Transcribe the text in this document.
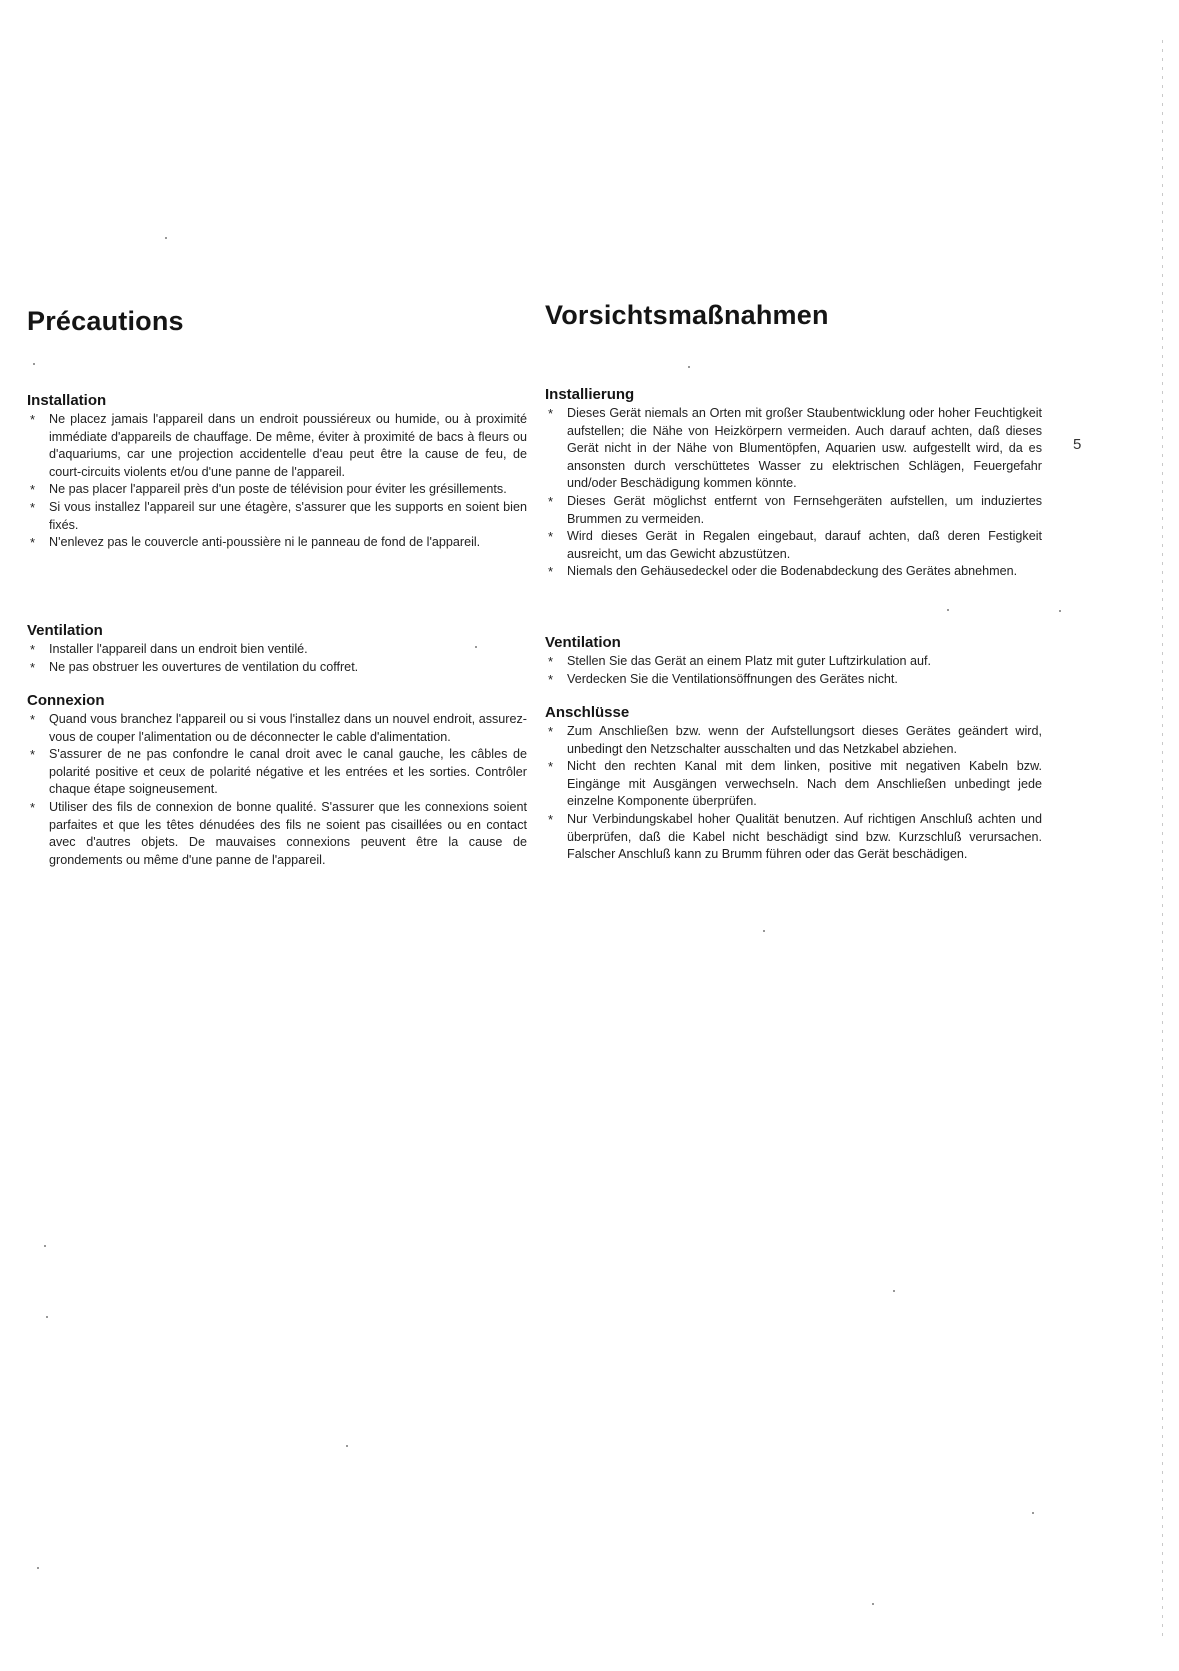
Précautions
Installation
* Ne placez jamais l'appareil dans un endroit poussiéreux ou humide, ou à proximité immédiate d'appareils de chauffage. De même, éviter à proximité de bacs à fleurs ou d'aquariums, car une projection accidentelle d'eau peut être la cause de feu, de court-circuits violents et/ou d'une panne de l'appareil.
* Ne pas placer l'appareil près d'un poste de télévision pour éviter les grésillements.
* Si vous installez l'appareil sur une étagère, s'assurer que les supports en soient bien fixés.
* N'enlevez pas le couvercle anti-poussière ni le panneau de fond de l'appareil.
Ventilation
* Installer l'appareil dans un endroit bien ventilé.
* Ne pas obstruer les ouvertures de ventilation du coffret.
Connexion
* Quand vous branchez l'appareil ou si vous l'installez dans un nouvel endroit, assurez-vous de couper l'alimentation ou de déconnecter le cable d'alimentation.
* S'assurer de ne pas confondre le canal droit avec le canal gauche, les câbles de polarité positive et ceux de polarité négative et les entrées et les sorties. Contrôler chaque étape soigneusement.
* Utiliser des fils de connexion de bonne qualité. S'assurer que les connexions soient parfaites et que les têtes dénudées des fils ne soient pas cisaillées ou en contact avec d'autres objets. De mauvaises connexions peuvent être la cause de grondements ou même d'une panne de l'appareil.
Vorsichtsmaßnahmen
Installierung
* Dieses Gerät niemals an Orten mit großer Staubentwicklung oder hoher Feuchtigkeit aufstellen; die Nähe von Heizkörpern vermeiden. Auch darauf achten, daß dieses Gerät nicht in der Nähe von Blumentöpfen, Aquarien usw. aufgestellt wird, da es ansonsten durch verschüttetes Wasser zu elektrischen Schlägen, Feuergefahr und/oder Beschädigung kommen könnte.
* Dieses Gerät möglichst entfernt von Fernsehgeräten aufstellen, um induziertes Brummen zu vermeiden.
* Wird dieses Gerät in Regalen eingebaut, darauf achten, daß deren Festigkeit ausreicht, um das Gewicht abzustützen.
* Niemals den Gehäusedeckel oder die Bodenabdeckung des Gerätes abnehmen.
Ventilation
* Stellen Sie das Gerät an einem Platz mit guter Luftzirkulation auf.
* Verdecken Sie die Ventilationsöffnungen des Gerätes nicht.
Anschlüsse
* Zum Anschließen bzw. wenn der Aufstellungsort dieses Gerätes geändert wird, unbedingt den Netzschalter ausschalten und das Netzkabel abziehen.
* Nicht den rechten Kanal mit dem linken, positive mit negativen Kabeln bzw. Eingänge mit Ausgängen verwechseln. Nach dem Anschließen unbedingt jede einzelne Komponente überprüfen.
* Nur Verbindungskabel hoher Qualität benutzen. Auf richtigen Anschluß achten und überprüfen, daß die Kabel nicht beschädigt sind bzw. Kurzschluß verursachen. Falscher Anschluß kann zu Brumm führen oder das Gerät beschädigen.
5
